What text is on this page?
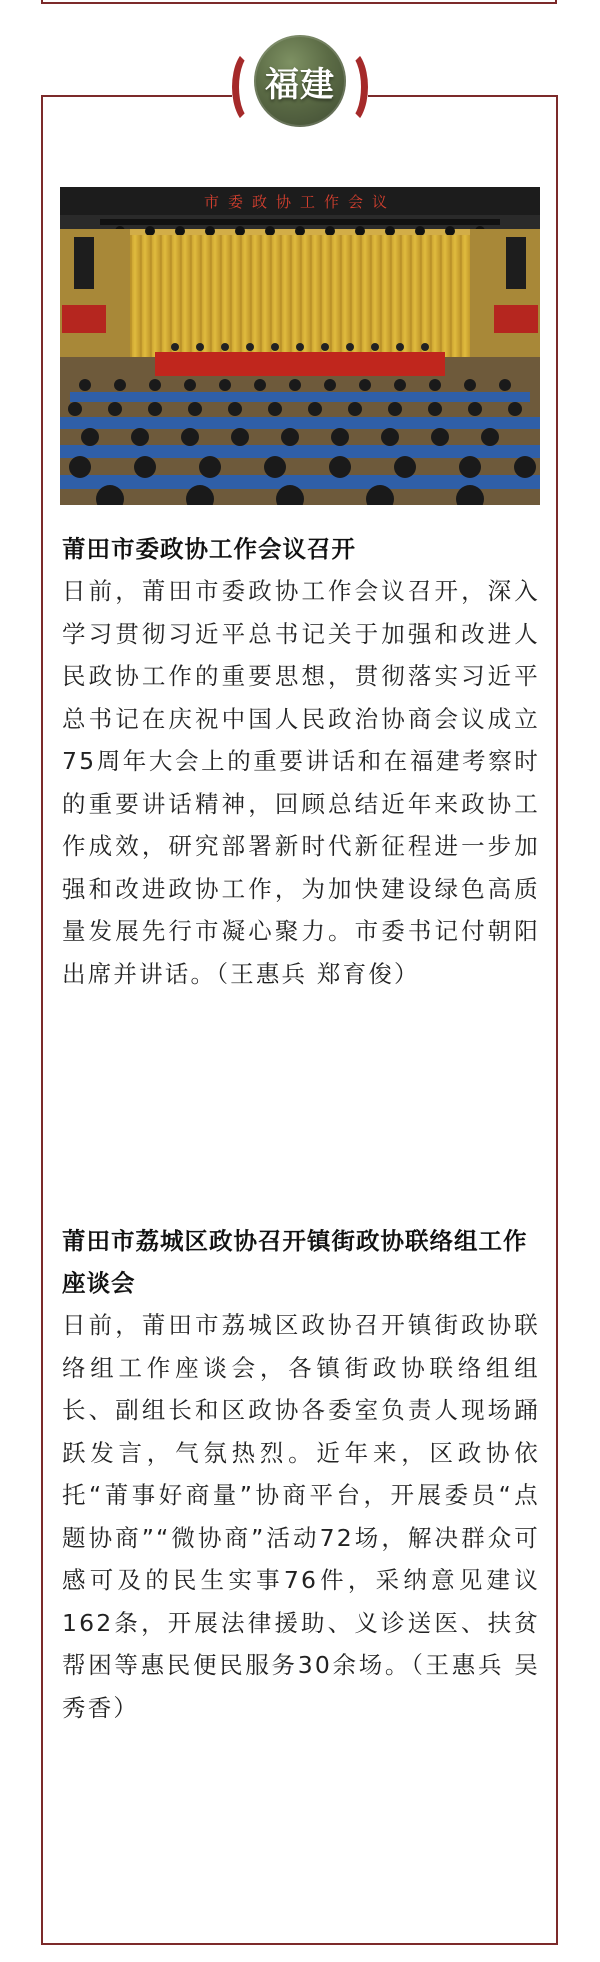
福建
市委政协工作会议
莆田市委政协工作会议召开

日前，莆田市委政协工作会议召开，深入学习贯彻习近平总书记关于加强和改进人民政协工作的重要思想，贯彻落实习近平总书记在庆祝中国人民政治协商会议成立75周年大会上的重要讲话和在福建考察时的重要讲话精神，回顾总结近年来政协工作成效，研究部署新时代新征程进一步加强和改进政协工作，为加快建设绿色高质量发展先行市凝心聚力。市委书记付朝阳出席并讲话。（王惠兵 郑育俊）

莆田市荔城区政协召开镇街政协联络组工作座谈会

日前，莆田市荔城区政协召开镇街政协联络组工作座谈会，各镇街政协联络组组长、副组长和区政协各委室负责人现场踊跃发言，气氛热烈。近年来，区政协依托“莆事好商量”协商平台，开展委员“点题协商”“微协商”活动72场，解决群众可感可及的民生实事76件，采纳意见建议162条，开展法律援助、义诊送医、扶贫帮困等惠民便民服务30余场。（王惠兵 吴秀香）
